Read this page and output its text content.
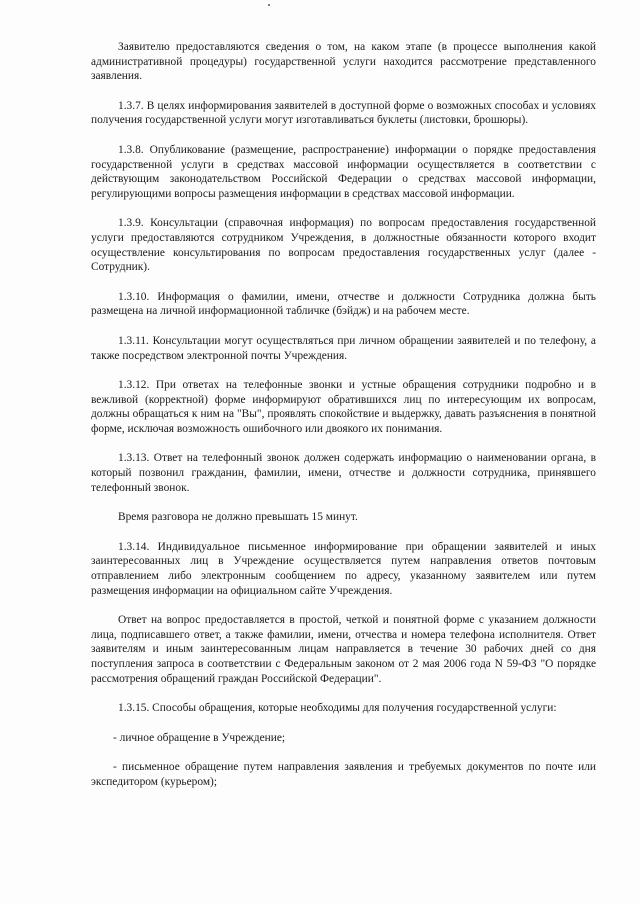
Заявителю предоставляются сведения о том, на каком этапе (в процессе выполнения какой административной процедуры) государственной услуги находится рассмотрение представленного заявления.

1.3.7. В целях информирования заявителей в доступной форме о возможных способах и условиях получения государственной услуги могут изготавливаться буклеты (листовки, брошюры).

1.3.8. Опубликование (размещение, распространение) информации о порядке предоставления государственной услуги в средствах массовой информации осуществляется в соответствии с действующим законодательством Российской Федерации о средствах массовой информации, регулирующими вопросы размещения информации в средствах массовой информации.

1.3.9. Консультации (справочная информация) по вопросам предоставления государственной услуги предоставляются сотрудником Учреждения, в должностные обязанности которого входит осуществление консультирования по вопросам предоставления государственных услуг (далее - Сотрудник).

1.3.10. Информация о фамилии, имени, отчестве и должности Сотрудника должна быть размещена на личной информационной табличке (бэйдж) и на рабочем месте.

1.3.11. Консультации могут осуществляться при личном обращении заявителей и по телефону, а также посредством электронной почты Учреждения.

1.3.12. При ответах на телефонные звонки и устные обращения сотрудники подробно и в вежливой (корректной) форме информируют обратившихся лиц по интересующим их вопросам, должны обращаться к ним на "Вы", проявлять спокойствие и выдержку, давать разъяснения в понятной форме, исключая возможность ошибочного или двоякого их понимания.

1.3.13. Ответ на телефонный звонок должен содержать информацию о наименовании органа, в который позвонил гражданин, фамилии, имени, отчестве и должности сотрудника, принявшего телефонный звонок.

Время разговора не должно превышать 15 минут.

1.3.14. Индивидуальное письменное информирование при обращении заявителей и иных заинтересованных лиц в Учреждение осуществляется путем направления ответов почтовым отправлением либо электронным сообщением по адресу, указанному заявителем или путем размещения информации на официальном сайте Учреждения.

Ответ на вопрос предоставляется в простой, четкой и понятной форме с указанием должности лица, подписавшего ответ, а также фамилии, имени, отчества и номера телефона исполнителя. Ответ заявителям и иным заинтересованным лицам направляется в течение 30 рабочих дней со дня поступления запроса в соответствии с Федеральным законом от 2 мая 2006 года N 59-ФЗ "О порядке рассмотрения обращений граждан Российской Федерации".

1.3.15. Способы обращения, которые необходимы для получения государственной услуги:

- личное обращение в Учреждение;

- письменное обращение путем направления заявления и требуемых документов по почте или экспедитором (курьером);
